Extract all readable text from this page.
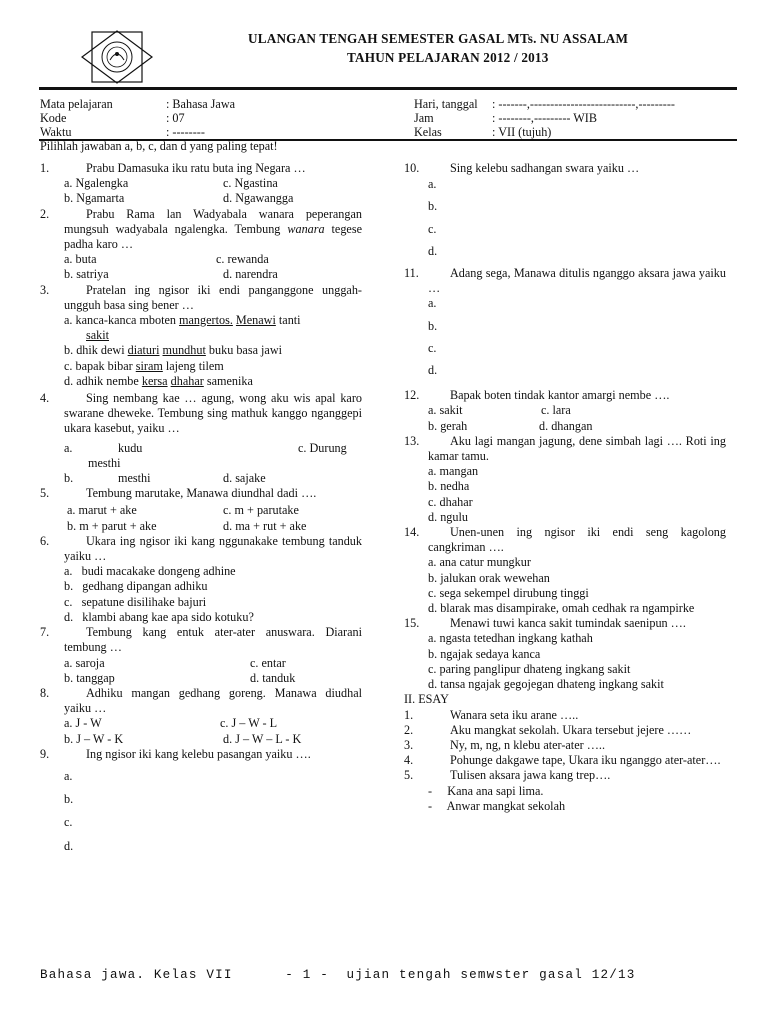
ULANGAN TENGAH SEMESTER GASAL MTs. NU ASSALAM
TAHUN PELAJARAN 2012 / 2013
Mata pelajaran	: Bahasa Jawa
Kode	: 07
Waktu	: --------
Hari, tanggal : -------,--------------------------,---------
Jam	: --------,--------- WIB
Kelas	: VII (tujuh)
Pilihlah jawaban a, b, c, dan d yang paling tepat!
1.	Prabu Damasuka iku ratu buta ing Negara …
a. Ngalengka	c. Ngastina
b. Ngamarta	d. Ngawangga
2.	Prabu Rama lan Wadyabala wanara peperangan mungsuh wadyabala ngalengka. Tembung wanara tegese padha karo …
a. buta	c. rewanda
b. satriya	d. narendra
3.	Pratelan ing ngisor iki endi panganggone unggah-ungguh basa sing bener …
a. kanca-kanca mboten mangertos. Menawi tanti
sakit
b. dhik dewi diaturi mundhut buku basa jawi
c. bapak bibar siram lajeng tilem
d. adhik nembe kersa dhahar samenika
4.	Sing nembang kae … agung, wong aku wis apal karo swarane dheweke. Tembung sing mathuk kanggo nganggepi ukara kasebut, yaiku …
a.	kudu	c. Durung
mesthi
b.	mesthi	d. sajake
5.	Tembung marutake, Manawa diundhal dadi ….
a. marut + ake	c. m + parutake
b. m + parut + ake	d. ma + rut + ake
6.	Ukara ing ngisor iki kang nggunakake tembung tanduk yaiku …
a.   budi macakake dongeng adhine
b.   gedhang dipangan adhiku
c.   sepatune disilihake bajuri
d.   klambi abang kae apa sido kotuku?
7.	Tembung kang entuk ater-ater anuswara. Diarani tembung …
a. saroja	c. entar
b. tanggap	d. tanduk
8.	Adhiku mangan gedhang goreng. Manawa diudhal yaiku …
a. J - W	c. J – W - L
b. J – W - K	d. J – W – L - K
9.	Ing ngisor iki kang kelebu pasangan yaiku ….
a.
b.
c.
d.
10.	Sing kelebu sadhangan swara yaiku …
a.
b.
c.
d.
11.	Adang sega, Manawa ditulis nganggo aksara jawa yaiku …
a.
b.
c.
d.
12.	Bapak boten tindak kantor amargi nembe ….
a. sakit	c. lara
b. gerah	d. dhangan
13.	Aku lagi mangan jagung, dene simbah lagi …. Roti ing kamar tamu.
a. mangan
b. nedha
c. dhahar
d. ngulu
14.	Unen-unen ing ngisor iki endi seng kagolong cangkriman ….
a. ana catur mungkur
b. jalukan orak wewehan
c. sega sekempel dirubung tinggi
d. blarak mas disampirake, omah cedhak ra ngampirke
15.	Menawi tuwi kanca sakit tumindak saenipun ….
a. ngasta tetedhan ingkang kathah
b. ngajak sedaya kanca
c. paring panglipur dhateng ingkang sakit
d. tansa ngajak gegojegan dhateng ingkang sakit
II. ESAY
1.	Wanara seta iku arane …..
2.	Aku mangkat sekolah. Ukara tersebut jejere ……
3.	Ny, m, ng, n klebu ater-ater …..
4.	Pohunge dakgawe tape, Ukara iku nganggo ater-ater….
5.	Tulisen aksara jawa kang trep….
-     Kana ana sapi lima.
-     Anwar mangkat sekolah
Bahasa jawa. Kelas VII      - 1 -  ujian tengah semwster gasal 12/13
